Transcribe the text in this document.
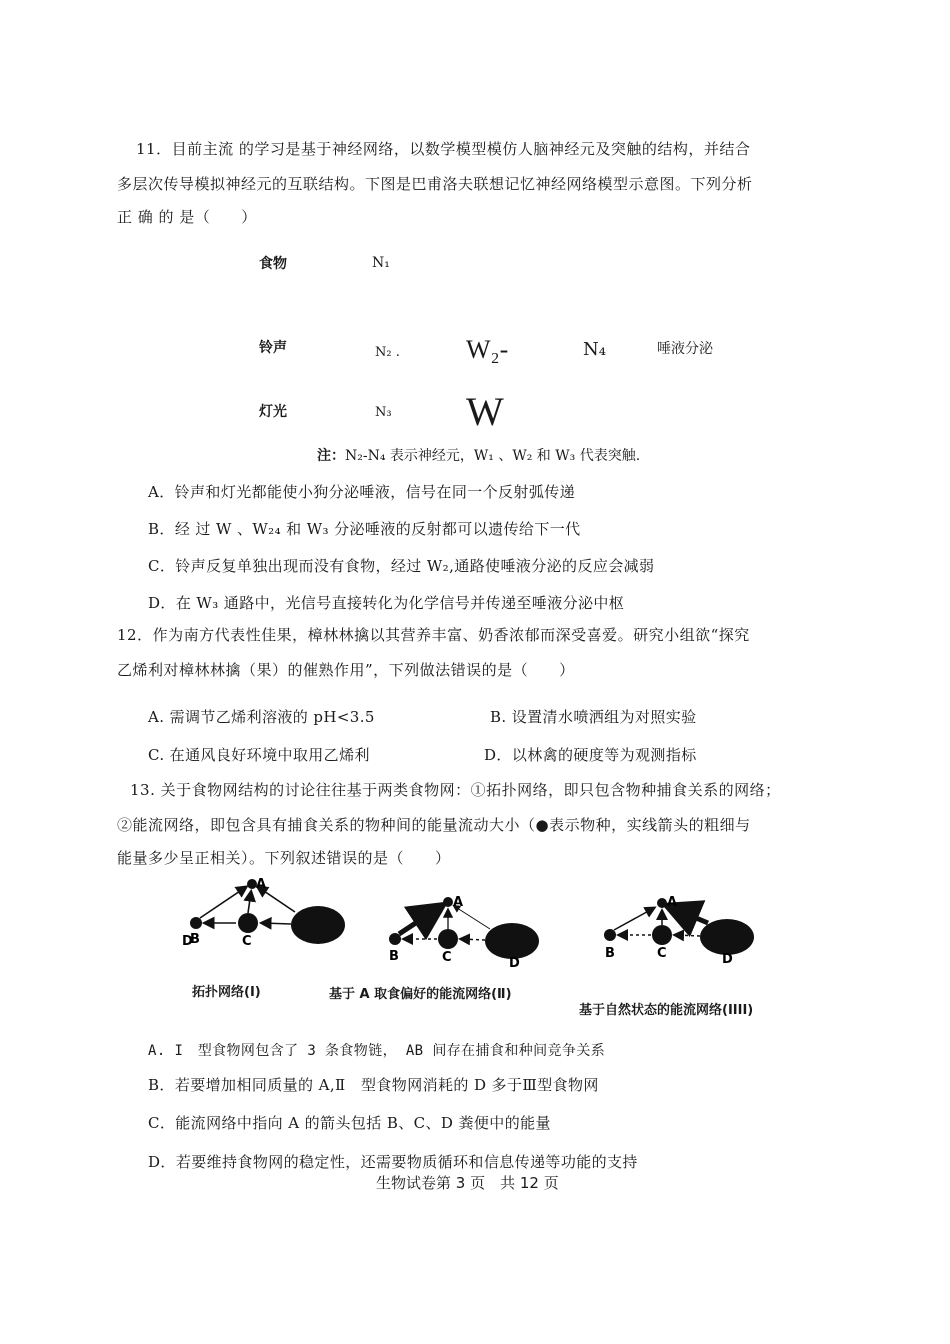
11．目前主流 的学习是基于神经网络，以数学模型模仿人脑神经元及突触的结构，并结合
多层次传导模拟神经元的互联结构。下图是巴甫洛夫联想记忆神经网络模型示意图。下列分析
正 确 的 是（　　）
食物	N₁
铃声	N₂ .	W₂-	N₄	唾液分泌
灯光	N₃ W
注：N₂-N₄ 表示神经元，W₁ 、W₂ 和 W₃ 代表突触.
A．铃声和灯光都能使小狗分泌唾液，信号在同一个反射弧传递
B．经 过 W 、W₂₄ 和 W₃ 分泌唾液的反射都可以遗传给下一代
C．铃声反复单独出现而没有食物，经过 W₂,通路使唾液分泌的反应会减弱
D．在 W₃ 通路中，光信号直接转化为化学信号并传递至唾液分泌中枢
12．作为南方代表性佳果，樟林林擒以其营养丰富、奶香浓郁而深受喜爱。研究小组欲“探究
乙烯利对樟林林擒（果）的催熟作用”，下列做法错误的是（　　）
A. 需调节乙烯利溶液的 pH<3.5	B. 设置清水喷洒组为对照实验
C. 在通风良好环境中取用乙烯利	D．以林禽的硬度等为观测指标
13. 关于食物网结构的讨论往往基于两类食物网：①拓扑网络，即只包含物种捕食关系的网络；
②能流网络，即包含具有捕食关系的物种间的能量流动大小（●表示物种，实线箭头的粗细与
能量多少呈正相关）。下列叙述错误的是（　　）
A
B
D	C
A
B	C	D
A
B	C	D
拓扑网络(I)	基于 A 取食偏好的能流网络(Ⅱ)
基于自然状态的能流网络(IIII)
A. I　型食物网包含了 3 条食物链， AB 间存在捕食和种间竞争关系
B．若要增加相同质量的 A,Ⅱ　型食物网消耗的 D 多于Ⅲ型食物网
C．能流网络中指向 A 的箭头包括 B、C、D 粪便中的能量
D．若要维持食物网的稳定性，还需要物质循环和信息传递等功能的支持
生物试卷第 3 页　共 12 页
